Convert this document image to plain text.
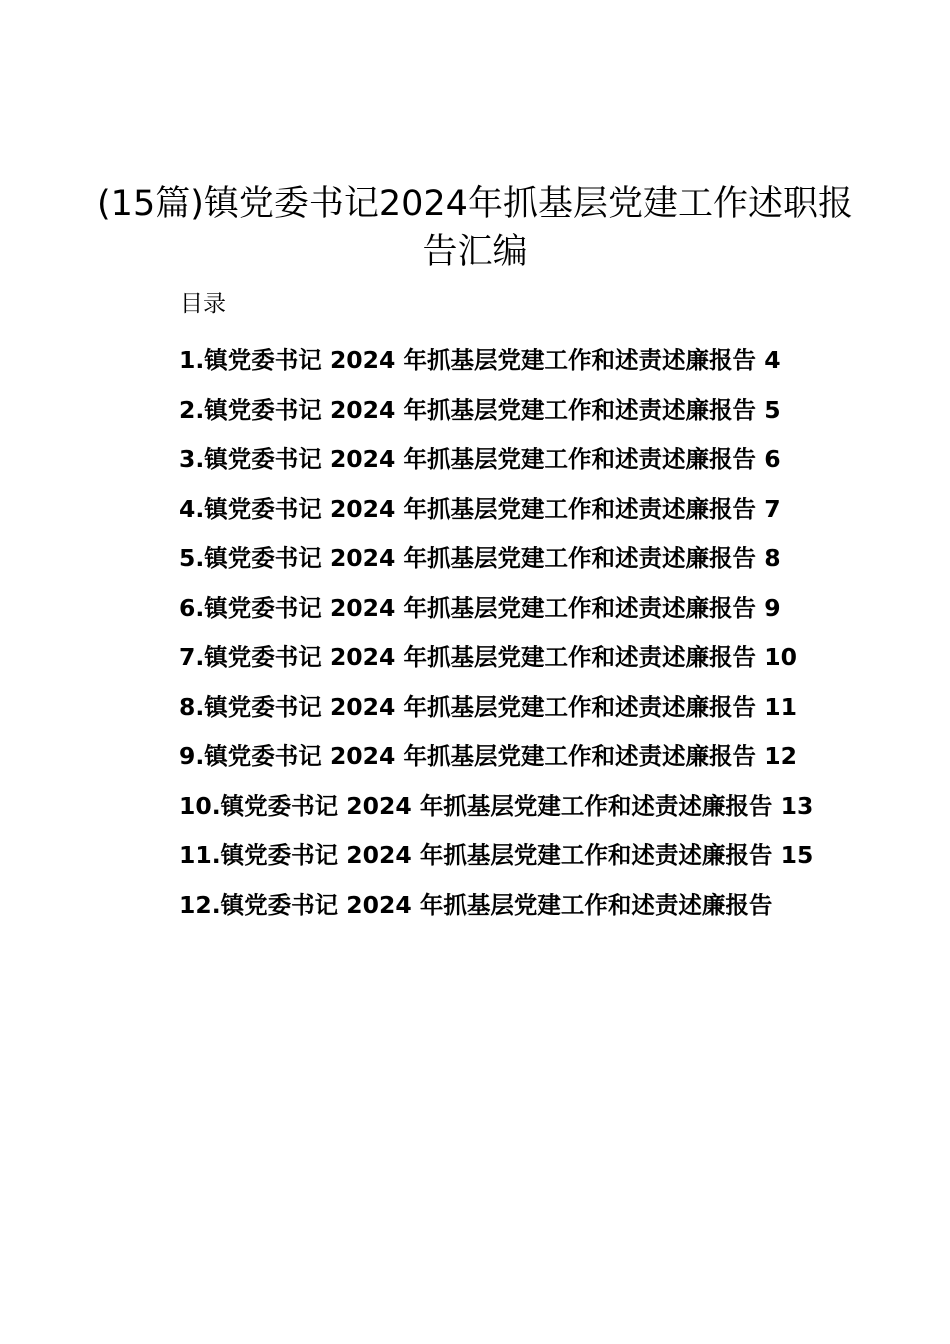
(15篇)镇党委书记2024年抓基层党建工作述职报告汇编
目录
1.镇党委书记 2024 年抓基层党建工作和述责述廉报告 4
2.镇党委书记 2024 年抓基层党建工作和述责述廉报告 5
3.镇党委书记 2024 年抓基层党建工作和述责述廉报告 6
4.镇党委书记 2024 年抓基层党建工作和述责述廉报告 7
5.镇党委书记 2024 年抓基层党建工作和述责述廉报告 8
6.镇党委书记 2024 年抓基层党建工作和述责述廉报告 9
7.镇党委书记 2024 年抓基层党建工作和述责述廉报告 10
8.镇党委书记 2024 年抓基层党建工作和述责述廉报告 11
9.镇党委书记 2024 年抓基层党建工作和述责述廉报告 12
10.镇党委书记 2024 年抓基层党建工作和述责述廉报告 13
11.镇党委书记 2024 年抓基层党建工作和述责述廉报告 15
12.镇党委书记 2024 年抓基层党建工作和述责述廉报告
